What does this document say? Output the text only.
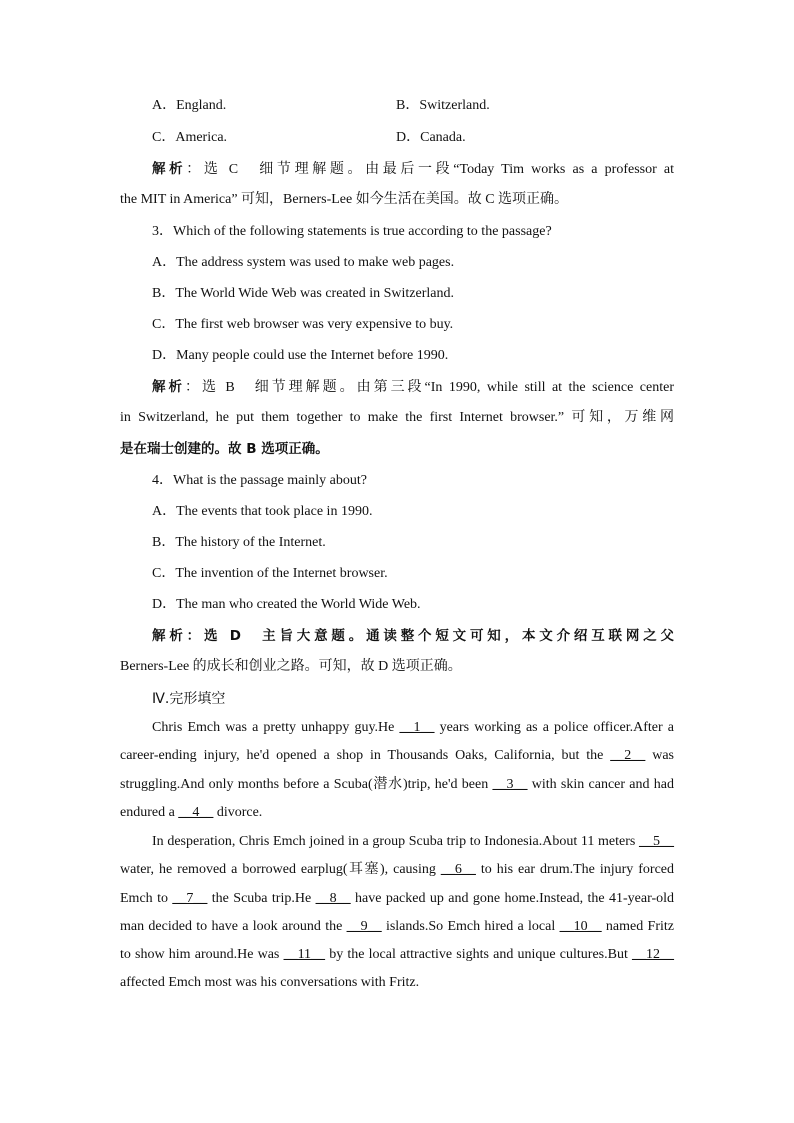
A．England.	B．Switzerland.
C．America.	D．Canada.
解析：选 C　细节理解题。由最后一段“Today Tim works as a professor at
the MIT in America” 可知，Berners-Lee 如今生活在美国。故 C 选项正确。
3．Which of the following statements is true according to the passage?
A．The address system was used to make web pages.
B．The World Wide Web was created in Switzerland.
C．The first web browser was very expensive to buy.
D．Many people could use the Internet before 1990.
解析：选 B　细节理解题。由第三段“In 1990, while still at the science center
in Switzerland, he put them together to make the first Internet browser.” 可知，万维网
是在瑞士创建的。故 B 选项正确。
4．What is the passage mainly about?
A．The events that took place in 1990.
B．The history of the Internet.
C．The invention of the Internet browser.
D．The man who created the World Wide Web.
解析：选 D　主旨大意题。通读整个短文可知，本文介绍互联网之父
Berners-Lee 的成长和创业之路。可知，故 D 选项正确。
Ⅳ.完形填空
Chris Emch was a pretty unhappy guy.He __1__ years working as a police officer.After a career-ending injury, he'd opened a shop in Thousands Oaks, California, but the __2__ was struggling.And only months before a Scuba(潜水)trip, he'd been __3__ with skin cancer and had endured a __4__ divorce.
In desperation, Chris Emch joined in a group Scuba trip to Indonesia.About 11 meters __5__ water, he removed a borrowed earplug(耳塞), causing __6__ to his ear drum.The injury forced Emch to __7__ the Scuba trip.He __8__ have packed up and gone home.Instead, the 41-year-old man decided to have a look around the __9__ islands.So Emch hired a local __10__ named Fritz to show him around.He was __11__ by the local attractive sights and unique cultures.But __12__ affected Emch most was his conversations with Fritz.
